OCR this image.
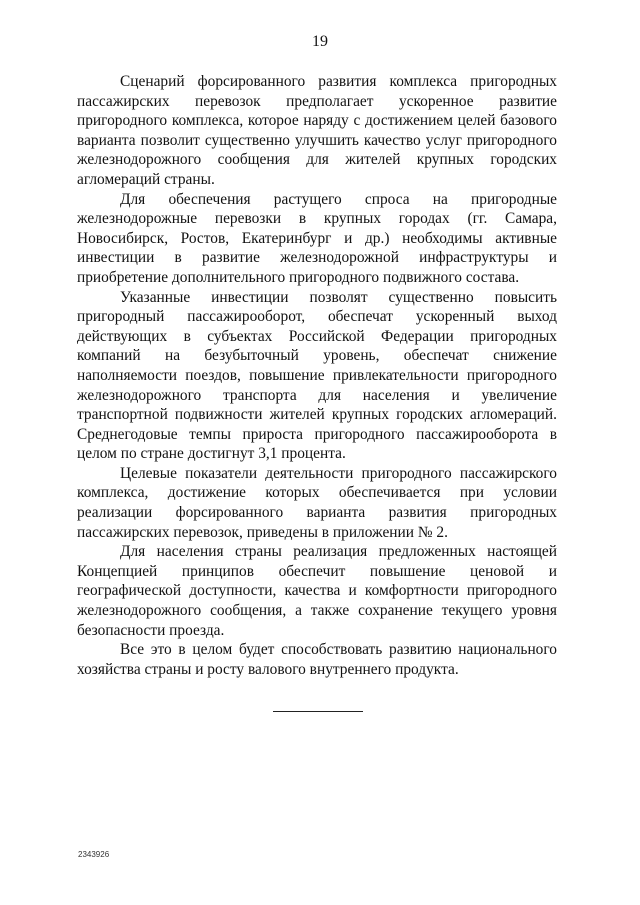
19

Сценарий форсированного развития комплекса пригородных пассажирских перевозок предполагает ускоренное развитие пригородного комплекса, которое наряду с достижением целей базового варианта позволит существенно улучшить качество услуг пригородного железнодорожного сообщения для жителей крупных городских агломераций страны.

Для обеспечения растущего спроса на пригородные железнодорожные перевозки в крупных городах (гг. Самара, Новосибирск, Ростов, Екатеринбург и др.) необходимы активные инвестиции в развитие железнодорожной инфраструктуры и приобретение дополнительного пригородного подвижного состава.

Указанные инвестиции позволят существенно повысить пригородный пассажирооборот, обеспечат ускоренный выход действующих в субъектах Российской Федерации пригородных компаний на безубыточный уровень, обеспечат снижение наполняемости поездов, повышение привлекательности пригородного железнодорожного транспорта для населения и увеличение транспортной подвижности жителей крупных городских агломераций. Среднегодовые темпы прироста пригородного пассажирооборота в целом по стране достигнут 3,1 процента.

Целевые показатели деятельности пригородного пассажирского комплекса, достижение которых обеспечивается при условии реализации форсированного варианта развития пригородных пассажирских перевозок, приведены в приложении № 2.

Для населения страны реализация предложенных настоящей Концепцией принципов обеспечит повышение ценовой и географической доступности, качества и комфортности пригородного железнодорожного сообщения, а также сохранение текущего уровня безопасности проезда.

Все это в целом будет способствовать развитию национального хозяйства страны и росту валового внутреннего продукта.

2343926
